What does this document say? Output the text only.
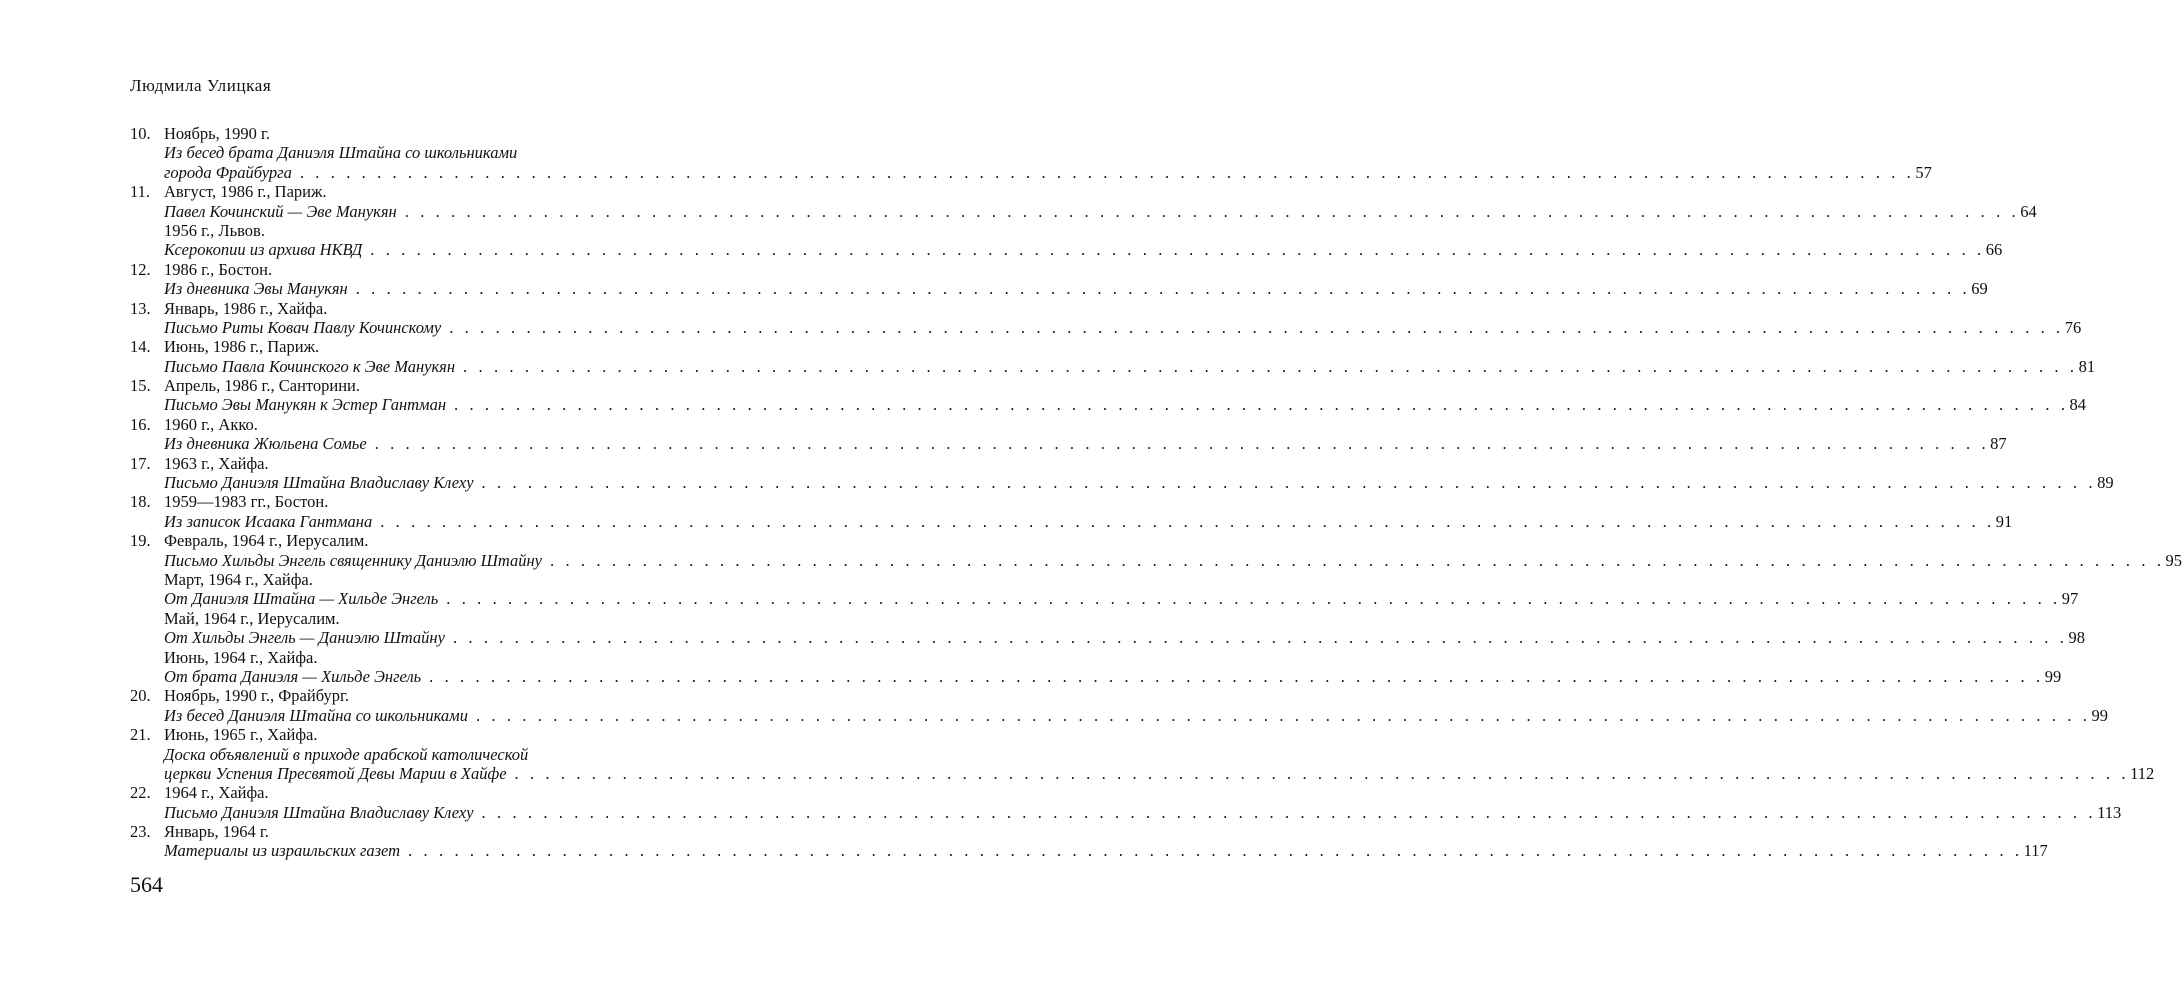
Людмила Улицкая
10. Ноябрь, 1990 г.
Из бесед брата Даниэля Штайна со школьниками
города Фрайбурга . . . . . . . . . . . . . . . . . . . . . . . . . . . . . . . . . . . . . . . . . . . . . . . . . . . . . . . . . . . . . . . . . . . . . . . . . . . . . . . . . . . . . . . . . . . . . . . . . . . . . . . . . 57
11. Август, 1986 г., Париж.
Павел Кочинский — Эве Манукян . . . . . . . . . . . . . . . . . . . . . . . . . . . . . . . . . . . . . . . . . . . . . . . . . . . . . . . . . . . . . . . . . . . . . . . . . . . . . . . . . . . . . . . . . . . . . . . . . . . . . . . . . 64
1956 г., Львов.
Ксерокопии из архива НКВД . . . . . . . . . . . . . . . . . . . . . . . . . . . . . . . . . . . . . . . . . . . . . . . . . . . . . . . . . . . . . . . . . . . . . . . . . . . . . . . . . . . . . . . . . . . . . . . . . . . . . . . . . 66
12. 1986 г., Бостон.
Из дневника Эвы Манукян . . . . . . . . . . . . . . . . . . . . . . . . . . . . . . . . . . . . . . . . . . . . . . . . . . . . . . . . . . . . . . . . . . . . . . . . . . . . . . . . . . . . . . . . . . . . . . . . . . . . . . . . . 69
13. Январь, 1986 г., Хайфа.
Письмо Риты Ковач Павлу Кочинскому . . . . . . . . . . . . . . . . . . . . . . . . . . . . . . . . . . . . . . . . . . . . . . . . . . . . . . . . . . . . . . . . . . . . . . . . . . . . . . . . . . . . . . . . . . . . . . . . . . . . . . . . . 76
14. Июнь, 1986 г., Париж.
Письмо Павла Кочинского к Эве Манукян . . . . . . . . . . . . . . . . . . . . . . . . . . . . . . . . . . . . . . . . . . . . . . . . . . . . . . . . . . . . . . . . . . . . . . . . . . . . . . . . . . . . . . . . . . . . . . . . . . . . . . . . . 81
15. Апрель, 1986 г., Санторини.
Письмо Эвы Манукян к Эстер Гантман . . . . . . . . . . . . . . . . . . . . . . . . . . . . . . . . . . . . . . . . . . . . . . . . . . . . . . . . . . . . . . . . . . . . . . . . . . . . . . . . . . . . . . . . . . . . . . . . . . . . . . . . . 84
16. 1960 г., Акко.
Из дневника Жюльена Сомье . . . . . . . . . . . . . . . . . . . . . . . . . . . . . . . . . . . . . . . . . . . . . . . . . . . . . . . . . . . . . . . . . . . . . . . . . . . . . . . . . . . . . . . . . . . . . . . . . . . . . . . . . 87
17. 1963 г., Хайфа.
Письмо Даниэля Штайна Владиславу Клеху . . . . . . . . . . . . . . . . . . . . . . . . . . . . . . . . . . . . . . . . . . . . . . . . . . . . . . . . . . . . . . . . . . . . . . . . . . . . . . . . . . . . . . . . . . . . . . . . . . . . . . . . . 89
18. 1959—1983 гг., Бостон.
Из записок Исаака Гантмана . . . . . . . . . . . . . . . . . . . . . . . . . . . . . . . . . . . . . . . . . . . . . . . . . . . . . . . . . . . . . . . . . . . . . . . . . . . . . . . . . . . . . . . . . . . . . . . . . . . . . . . . . 91
19. Февраль, 1964 г., Иерусалим.
Письмо Хильды Энгель священнику Даниэлю Штайну . . . . . . . . . . . . . . . . . . . . . . . . . . . . . . . . . . . . . . . . . . . . . . . . . . . . . . . . . . . . . . . . . . . . . . . . . . . . . . . . . . . . . . . . . . . . . . . . . . . . . . . . . 95
Март, 1964 г., Хайфа.
От Даниэля Штайна — Хильде Энгель . . . . . . . . . . . . . . . . . . . . . . . . . . . . . . . . . . . . . . . . . . . . . . . . . . . . . . . . . . . . . . . . . . . . . . . . . . . . . . . . . . . . . . . . . . . . . . . . . . . . . . . . . 97
Май, 1964 г., Иерусалим.
От Хильды Энгель — Даниэлю Штайну . . . . . . . . . . . . . . . . . . . . . . . . . . . . . . . . . . . . . . . . . . . . . . . . . . . . . . . . . . . . . . . . . . . . . . . . . . . . . . . . . . . . . . . . . . . . . . . . . . . . . . . . . 98
Июнь, 1964 г., Хайфа.
От брата Даниэля — Хильде Энгель . . . . . . . . . . . . . . . . . . . . . . . . . . . . . . . . . . . . . . . . . . . . . . . . . . . . . . . . . . . . . . . . . . . . . . . . . . . . . . . . . . . . . . . . . . . . . . . . . . . . . . . . . 99
20. Ноябрь, 1990 г., Фрайбург.
Из бесед Даниэля Штайна со школьниками . . . . . . . . . . . . . . . . . . . . . . . . . . . . . . . . . . . . . . . . . . . . . . . . . . . . . . . . . . . . . . . . . . . . . . . . . . . . . . . . . . . . . . . . . . . . . . . . . . . . . . . . . 99
21. Июнь, 1965 г., Хайфа.
Доска объявлений в приходе арабской католической
церкви Успения Пресвятой Девы Марии в Хайфе . . . . . . . . . . . . . . . . . . . . . . . . . . . . . . . . . . . . . . . . . . . . . . . . . . . . . . . . . . . . . . . . . . . . . . . . . . . . . . . . . . . . . . . . . . . . . . . . . . . . . . . . . 112
22. 1964 г., Хайфа.
Письмо Даниэля Штайна Владиславу Клеху . . . . . . . . . . . . . . . . . . . . . . . . . . . . . . . . . . . . . . . . . . . . . . . . . . . . . . . . . . . . . . . . . . . . . . . . . . . . . . . . . . . . . . . . . . . . . . . . . . . . . . . . . 113
23. Январь, 1964 г.
Материалы из израильских газет . . . . . . . . . . . . . . . . . . . . . . . . . . . . . . . . . . . . . . . . . . . . . . . . . . . . . . . . . . . . . . . . . . . . . . . . . . . . . . . . . . . . . . . . . . . . . . . . . . . . . . . . . 117
564
